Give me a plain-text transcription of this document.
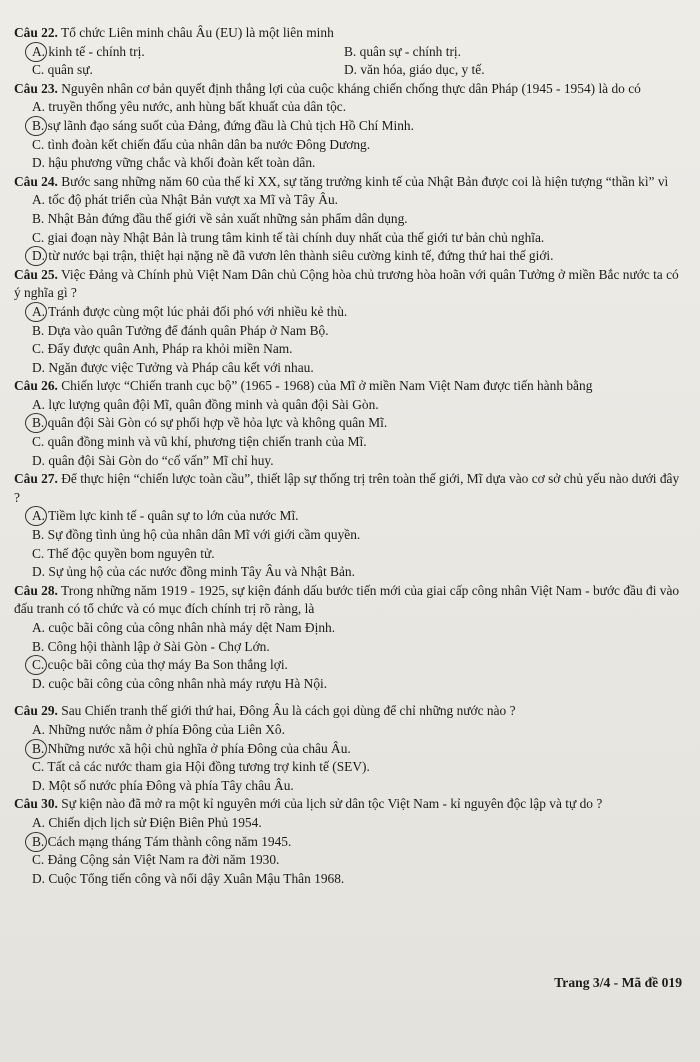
Câu 22. Tổ chức Liên minh châu Âu (EU) là một liên minh

A. kinh tế - chính trị.	B. quân sự - chính trị.

C. quân sự.	D. văn hóa, giáo dục, y tế.

Câu 23. Nguyên nhân cơ bản quyết định thắng lợi của cuộc kháng chiến chống thực dân Pháp (1945 - 1954) là do có

A. truyền thống yêu nước, anh hùng bất khuất của dân tộc.

B. sự lãnh đạo sáng suốt của Đảng, đứng đầu là Chủ tịch Hồ Chí Minh.

C. tình đoàn kết chiến đấu của nhân dân ba nước Đông Dương.

D. hậu phương vững chắc và khối đoàn kết toàn dân.

Câu 24. Bước sang những năm 60 của thế kỉ XX, sự tăng trưởng kinh tế của Nhật Bản được coi là hiện tượng “thần kì” vì

A. tốc độ phát triển của Nhật Bản vượt xa Mĩ và Tây Âu.

B. Nhật Bản đứng đầu thế giới về sản xuất những sản phẩm dân dụng.

C. giai đoạn này Nhật Bản là trung tâm kinh tế tài chính duy nhất của thế giới tư bản chủ nghĩa.

D. từ nước bại trận, thiệt hại nặng nề đã vươn lên thành siêu cường kinh tế, đứng thứ hai thế giới.

Câu 25. Việc Đảng và Chính phủ Việt Nam Dân chủ Cộng hòa chủ trương hòa hoãn với quân Tưởng ở miền Bắc nước ta có ý nghĩa gì ?

A. Tránh được cùng một lúc phải đối phó với nhiều kẻ thù.

B. Dựa vào quân Tưởng để đánh quân Pháp ở Nam Bộ.

C. Đẩy được quân Anh, Pháp ra khỏi miền Nam.

D. Ngăn được việc Tưởng và Pháp câu kết với nhau.

Câu 26. Chiến lược “Chiến tranh cục bộ” (1965 - 1968) của Mĩ ở miền Nam Việt Nam được tiến hành bằng

A. lực lượng quân đội Mĩ, quân đồng minh và quân đội Sài Gòn.

B. quân đội Sài Gòn có sự phối hợp về hỏa lực và không quân Mĩ.

C. quân đồng minh và vũ khí, phương tiện chiến tranh của Mĩ.

D. quân đội Sài Gòn do “cố vấn” Mĩ chỉ huy.

Câu 27. Để thực hiện “chiến lược toàn cầu”, thiết lập sự thống trị trên toàn thế giới, Mĩ dựa vào cơ sở chủ yếu nào dưới đây ?

A. Tiềm lực kinh tế - quân sự to lớn của nước Mĩ.

B. Sự đồng tình ủng hộ của nhân dân Mĩ với giới cầm quyền.

C. Thế độc quyền bom nguyên tử.

D. Sự ủng hộ của các nước đồng minh Tây Âu và Nhật Bản.

Câu 28. Trong những năm 1919 - 1925, sự kiện đánh dấu bước tiến mới của giai cấp công nhân Việt Nam - bước đầu đi vào đấu tranh có tổ chức và có mục đích chính trị rõ ràng, là

A. cuộc bãi công của công nhân nhà máy dệt Nam Định.

B. Công hội thành lập ở Sài Gòn - Chợ Lớn.

C. cuộc bãi công của thợ máy Ba Son thắng lợi.

D. cuộc bãi công của công nhân nhà máy rượu Hà Nội.

Câu 29. Sau Chiến tranh thế giới thứ hai, Đông Âu là cách gọi dùng để chỉ những nước nào ?

A. Những nước nằm ở phía Đông của Liên Xô.

B. Những nước xã hội chủ nghĩa ở phía Đông của châu Âu.

C. Tất cả các nước tham gia Hội đồng tương trợ kinh tế (SEV).

D. Một số nước phía Đông và phía Tây châu Âu.

Câu 30. Sự kiện nào đã mở ra một kỉ nguyên mới của lịch sử dân tộc Việt Nam - kỉ nguyên độc lập và tự do ?

A. Chiến dịch lịch sử Điện Biên Phủ 1954.

B. Cách mạng tháng Tám thành công năm 1945.

C. Đảng Cộng sản Việt Nam ra đời năm 1930.

D. Cuộc Tổng tiến công và nổi dậy Xuân Mậu Thân 1968.

Trang 3/4 - Mã đề 019
